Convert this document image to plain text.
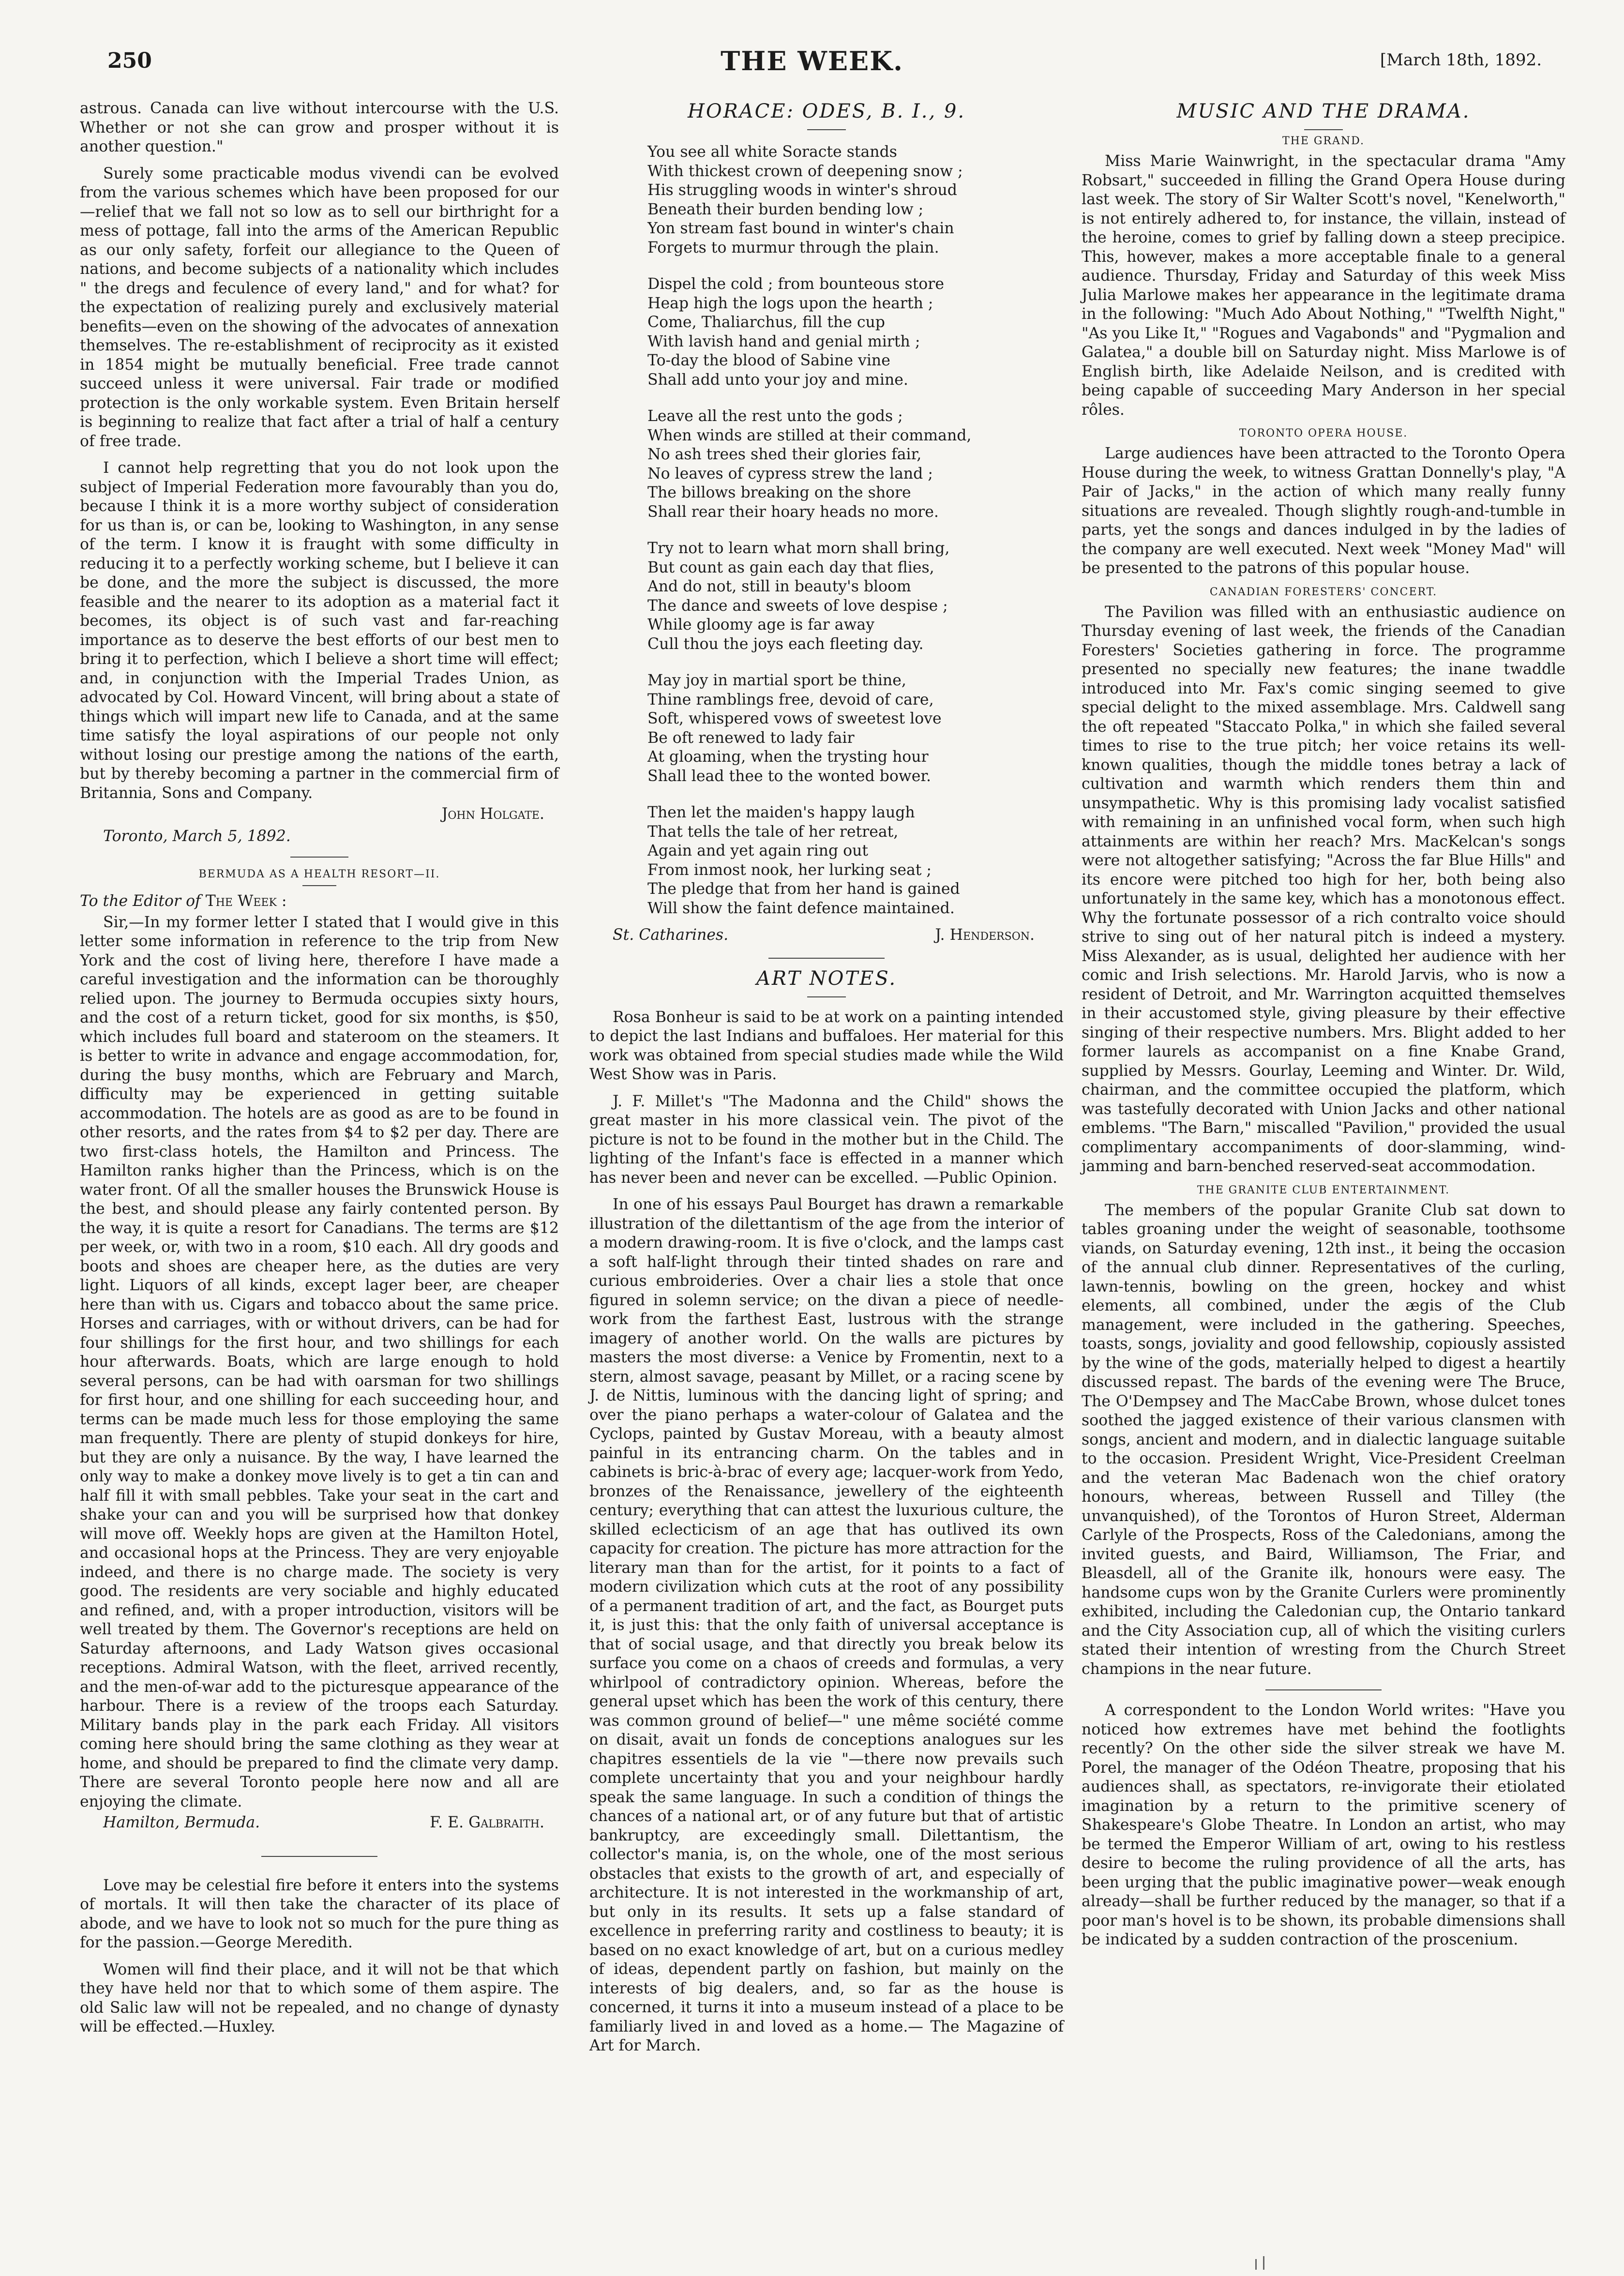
250	THE WEEK.	[March 18th, 1892.

astrous. Canada can live without intercourse with the U.S. Whether or not she can grow and prosper without it is another question."

Surely some practicable modus vivendi can be evolved from the various schemes which have been proposed for our—relief that we fall not so low as to sell our birthright for a mess of pottage, fall into the arms of the American Republic as our only safety, forfeit our allegiance to the Queen of nations, and become subjects of a nationality which includes " the dregs and feculence of every land," and for what? for the expectation of realizing purely and exclusively material benefits—even on the showing of the advocates of annexation themselves. The re-establishment of reciprocity as it existed in 1854 might be mutually beneficial. Free trade cannot succeed unless it were universal. Fair trade or modified protection is the only workable system. Even Britain herself is beginning to realize that fact after a trial of half a century of free trade.

I cannot help regretting that you do not look upon the subject of Imperial Federation more favourably than you do, because I think it is a more worthy subject of consideration for us than is, or can be, looking to Washington, in any sense of the term. I know it is fraught with some difficulty in reducing it to a perfectly working scheme, but I believe it can be done, and the more the subject is discussed, the more feasible and the nearer to its adoption as a material fact it becomes, its object is of such vast and far-reaching importance as to deserve the best efforts of our best men to bring it to perfection, which I believe a short time will effect; and, in conjunction with the Imperial Trades Union, as advocated by Col. Howard Vincent, will bring about a state of things which will impart new life to Canada, and at the same time satisfy the loyal aspirations of our people not only without losing our prestige among the nations of the earth, but by thereby becoming a partner in the commercial firm of Britannia, Sons and Company.

John Holgate.
Toronto, March 5, 1892.
BERMUDA AS A HEALTH RESORT—II.
To the Editor of The Week :

Sir,—In my former letter I stated that I would give in this letter some information in reference to the trip from New York and the cost of living here, therefore I have made a careful investigation and the information can be thoroughly relied upon. The journey to Bermuda occupies sixty hours, and the cost of a return ticket, good for six months, is $50, which includes full board and stateroom on the steamers. It is better to write in advance and engage accommodation, for, during the busy months, which are February and March, difficulty may be experienced in getting suitable accommodation. The hotels are as good as are to be found in other resorts, and the rates from $4 to $2 per day. There are two first-class hotels, the Hamilton and Princess. The Hamilton ranks higher than the Princess, which is on the water front. Of all the smaller houses the Brunswick House is the best, and should please any fairly contented person. By the way, it is quite a resort for Canadians. The terms are $12 per week, or, with two in a room, $10 each. All dry goods and boots and shoes are cheaper here, as the duties are very light. Liquors of all kinds, except lager beer, are cheaper here than with us. Cigars and tobacco about the same price. Horses and carriages, with or without drivers, can be had for four shillings for the first hour, and two shillings for each hour afterwards. Boats, which are large enough to hold several persons, can be had with oarsman for two shillings for first hour, and one shilling for each succeeding hour, and terms can be made much less for those employing the same man frequently. There are plenty of stupid donkeys for hire, but they are only a nuisance. By the way, I have learned the only way to make a donkey move lively is to get a tin can and half fill it with small pebbles. Take your seat in the cart and shake your can and you will be surprised how that donkey will move off. Weekly hops are given at the Hamilton Hotel, and occasional hops at the Princess. They are very enjoyable indeed, and there is no charge made. The society is very good. The residents are very sociable and highly educated and refined, and, with a proper introduction, visitors will be well treated by them. The Governor's receptions are held on Saturday afternoons, and Lady Watson gives occasional receptions. Admiral Watson, with the fleet, arrived recently, and the men-of-war add to the picturesque appearance of the harbour. There is a review of the troops each Saturday. Military bands play in the park each Friday. All visitors coming here should bring the same clothing as they wear at home, and should be prepared to find the climate very damp. There are several Toronto people here now and all are enjoying the climate.

Hamilton, Bermuda.	F. E. Galbraith.

Love may be celestial fire before it enters into the systems of mortals. It will then take the character of its place of abode, and we have to look not so much for the pure thing as for the passion.—George Meredith.

Women will find their place, and it will not be that which they have held nor that to which some of them aspire. The old Salic law will not be repealed, and no change of dynasty will be effected.—Huxley.

HORACE: ODES, B. I., 9.
You see all white Soracte stands
With thickest crown of deepening snow ;
His struggling woods in winter's shroud
Beneath their burden bending low ;
Yon stream fast bound in winter's chain
Forgets to murmur through the plain.
Dispel the cold ; from bounteous store
Heap high the logs upon the hearth ;
Come, Thaliarchus, fill the cup
With lavish hand and genial mirth ;
To-day the blood of Sabine vine
Shall add unto your joy and mine.
Leave all the rest unto the gods ;
When winds are stilled at their command,
No ash trees shed their glories fair,
No leaves of cypress strew the land ;
The billows breaking on the shore
Shall rear their hoary heads no more.
Try not to learn what morn shall bring,
But count as gain each day that flies,
And do not, still in beauty's bloom
The dance and sweets of love despise ;
While gloomy age is far away
Cull thou the joys each fleeting day.
May joy in martial sport be thine,
Thine ramblings free, devoid of care,
Soft, whispered vows of sweetest love
Be oft renewed to lady fair
At gloaming, when the trysting hour
Shall lead thee to the wonted bower.
Then let the maiden's happy laugh
That tells the tale of her retreat,
Again and yet again ring out
From inmost nook, her lurking seat ;
The pledge that from her hand is gained
Will show the faint defence maintained.
St. Catharines.	J. Henderson.
ART NOTES.

Rosa Bonheur is said to be at work on a painting intended to depict the last Indians and buffaloes. Her material for this work was obtained from special studies made while the Wild West Show was in Paris.

J. F. Millet's "The Madonna and the Child" shows the great master in his more classical vein. The pivot of the picture is not to be found in the mother but in the Child. The lighting of the Infant's face is effected in a manner which has never been and never can be excelled. —Public Opinion.

In one of his essays Paul Bourget has drawn a remarkable illustration of the dilettantism of the age from the interior of a modern drawing-room. It is five o'clock, and the lamps cast a soft half-light through their tinted shades on rare and curious embroideries. Over a chair lies a stole that once figured in solemn service; on the divan a piece of needle-work from the farthest East, lustrous with the strange imagery of another world. On the walls are pictures by masters the most diverse: a Venice by Fromentin, next to a stern, almost savage, peasant by Millet, or a racing scene by J. de Nittis, luminous with the dancing light of spring; and over the piano perhaps a water-colour of Galatea and the Cyclops, painted by Gustav Moreau, with a beauty almost painful in its entrancing charm. On the tables and in cabinets is bric-à-brac of every age; lacquer-work from Yedo, bronzes of the Renaissance, jewellery of the eighteenth century; everything that can attest the luxurious culture, the skilled eclecticism of an age that has outlived its own capacity for creation. The picture has more attraction for the literary man than for the artist, for it points to a fact of modern civilization which cuts at the root of any possibility of a permanent tradition of art, and the fact, as Bourget puts it, is just this: that the only faith of universal acceptance is that of social usage, and that directly you break below its surface you come on a chaos of creeds and formulas, a very whirlpool of contradictory opinion. Whereas, before the general upset which has been the work of this century, there was common ground of belief—" une même société comme on disait, avait un fonds de conceptions analogues sur les chapitres essentiels de la vie "—there now prevails such complete uncertainty that you and your neighbour hardly speak the same language. In such a condition of things the chances of a national art, or of any future but that of artistic bankruptcy, are exceedingly small. Dilettantism, the collector's mania, is, on the whole, one of the most serious obstacles that exists to the growth of art, and especially of architecture. It is not interested in the workmanship of art, but only in its results. It sets up a false standard of excellence in preferring rarity and costliness to beauty; it is based on no exact knowledge of art, but on a curious medley of ideas, dependent partly on fashion, but mainly on the interests of big dealers, and, so far as the house is concerned, it turns it into a museum instead of a place to be familiarly lived in and loved as a home.— The Magazine of Art for March.

MUSIC AND THE DRAMA.
THE GRAND.

Miss Marie Wainwright, in the spectacular drama "Amy Robsart," succeeded in filling the Grand Opera House during last week. The story of Sir Walter Scott's novel, "Kenelworth," is not entirely adhered to, for instance, the villain, instead of the heroine, comes to grief by falling down a steep precipice. This, however, makes a more acceptable finale to a general audience. Thursday, Friday and Saturday of this week Miss Julia Marlowe makes her appearance in the legitimate drama in the following: "Much Ado About Nothing," "Twelfth Night," "As you Like It," "Rogues and Vagabonds" and "Pygmalion and Galatea," a double bill on Saturday night. Miss Marlowe is of English birth, like Adelaide Neilson, and is credited with being capable of succeeding Mary Anderson in her special rôles.

TORONTO OPERA HOUSE.

Large audiences have been attracted to the Toronto Opera House during the week, to witness Grattan Donnelly's play, "A Pair of Jacks," in the action of which many really funny situations are revealed. Though slightly rough-and-tumble in parts, yet the songs and dances indulged in by the ladies of the company are well executed. Next week "Money Mad" will be presented to the patrons of this popular house.

CANADIAN FORESTERS' CONCERT.

The Pavilion was filled with an enthusiastic audience on Thursday evening of last week, the friends of the Canadian Foresters' Societies gathering in force. The programme presented no specially new features; the inane twaddle introduced into Mr. Fax's comic singing seemed to give special delight to the mixed assemblage. Mrs. Caldwell sang the oft repeated "Staccato Polka," in which she failed several times to rise to the true pitch; her voice retains its well-known qualities, though the middle tones betray a lack of cultivation and warmth which renders them thin and unsympathetic. Why is this promising lady vocalist satisfied with remaining in an unfinished vocal form, when such high attainments are within her reach? Mrs. MacKelcan's songs were not altogether satisfying; "Across the far Blue Hills" and its encore were pitched too high for her, both being also unfortunately in the same key, which has a monotonous effect. Why the fortunate possessor of a rich contralto voice should strive to sing out of her natural pitch is indeed a mystery. Miss Alexander, as is usual, delighted her audience with her comic and Irish selections. Mr. Harold Jarvis, who is now a resident of Detroit, and Mr. Warrington acquitted themselves in their accustomed style, giving pleasure by their effective singing of their respective numbers. Mrs. Blight added to her former laurels as accompanist on a fine Knabe Grand, supplied by Messrs. Gourlay, Leeming and Winter. Dr. Wild, chairman, and the committee occupied the platform, which was tastefully decorated with Union Jacks and other national emblems. "The Barn," miscalled "Pavilion," provided the usual complimentary accompaniments of door-slamming, wind-jamming and barn-benched reserved-seat accommodation.

THE GRANITE CLUB ENTERTAINMENT.

The members of the popular Granite Club sat down to tables groaning under the weight of seasonable, toothsome viands, on Saturday evening, 12th inst., it being the occasion of the annual club dinner. Representatives of the curling, lawn-tennis, bowling on the green, hockey and whist elements, all combined, under the ægis of the Club management, were included in the gathering. Speeches, toasts, songs, joviality and good fellowship, copiously assisted by the wine of the gods, materially helped to digest a heartily discussed repast. The bards of the evening were The Bruce, The O'Dempsey and The MacCabe Brown, whose dulcet tones soothed the jagged existence of their various clansmen with songs, ancient and modern, and in dialectic language suitable to the occasion. President Wright, Vice-President Creelman and the veteran Mac Badenach won the chief oratory honours, whereas, between Russell and Tilley (the unvanquished), of the Torontos of Huron Street, Alderman Carlyle of the Prospects, Ross of the Caledonians, among the invited guests, and Baird, Williamson, The Friar, and Bleasdell, all of the Granite ilk, honours were easy. The handsome cups won by the Granite Curlers were prominently exhibited, including the Caledonian cup, the Ontario tankard and the City Association cup, all of which the visiting curlers stated their intention of wresting from the Church Street champions in the near future.

A correspondent to the London World writes: "Have you noticed how extremes have met behind the footlights recently? On the other side the silver streak we have M. Porel, the manager of the Odéon Theatre, proposing that his audiences shall, as spectators, re-invigorate their etiolated imagination by a return to the primitive scenery of Shakespeare's Globe Theatre. In London an artist, who may be termed the Emperor William of art, owing to his restless desire to become the ruling providence of all the arts, has been urging that the public imaginative power—weak enough already—shall be further reduced by the manager, so that if a poor man's hovel is to be shown, its probable dimensions shall be indicated by a sudden contraction of the proscenium.
